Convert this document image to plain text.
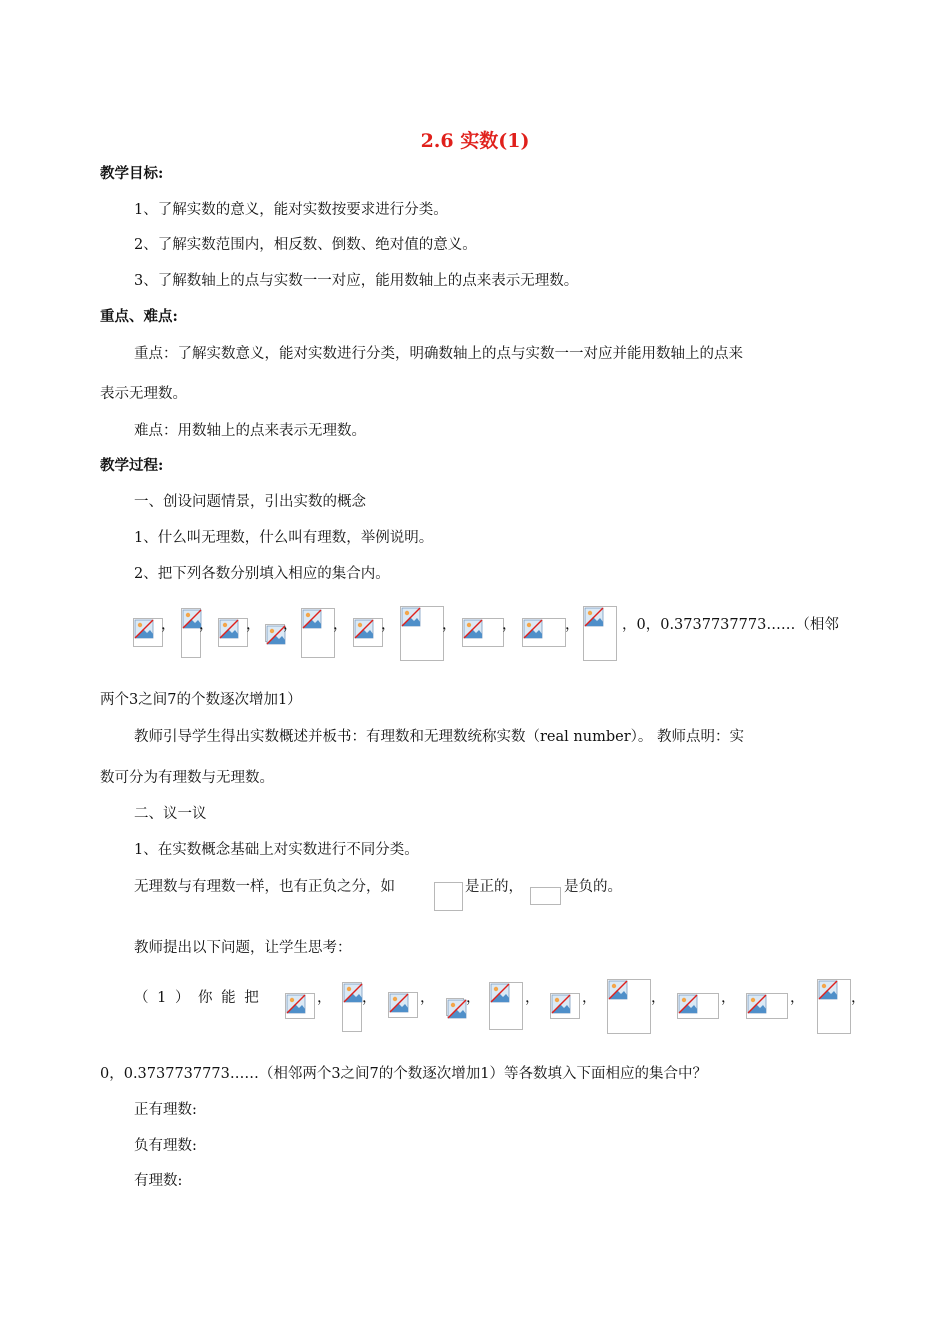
2.6 实数(1)
教学目标:
1、了解实数的意义，能对实数按要求进行分类。
2、了解实数范围内，相反数、倒数、绝对值的意义。
3、了解数轴上的点与实数一一对应，能用数轴上的点来表示无理数。
重点、难点:
重点：了解实数意义，能对实数进行分类，明确数轴上的点与实数一一对应并能用数轴上的点来
表示无理数。
难点：用数轴上的点来表示无理数。
教学过程:
一、创设问题情景，引出实数的概念
1、什么叫无理数，什么叫有理数，举例说明。
2、把下列各数分别填入相应的集合内。
， ， ， ， ， ，	，	，	，	，0，0.3737737773……（相邻
两个3之间7的个数逐次增加1）
教师引导学生得出实数概述并板书：有理数和无理数统称实数（real number）。 教师点明：实
数可分为有理数与无理数。
二、议一议
1、在实数概念基础上对实数进行不同分类。
无理数与有理数一样，也有正负之分，如	是正的，	是负的。
教师提出以下问题，让学生思考：
（ 1 ） 你 能 把	， ，	， ，	，	，	，	，	，	，
0，0.3737737773……（相邻两个3之间7的个数逐次增加1）等各数填入下面相应的集合中？
正有理数:
负有理数:
有理数:
